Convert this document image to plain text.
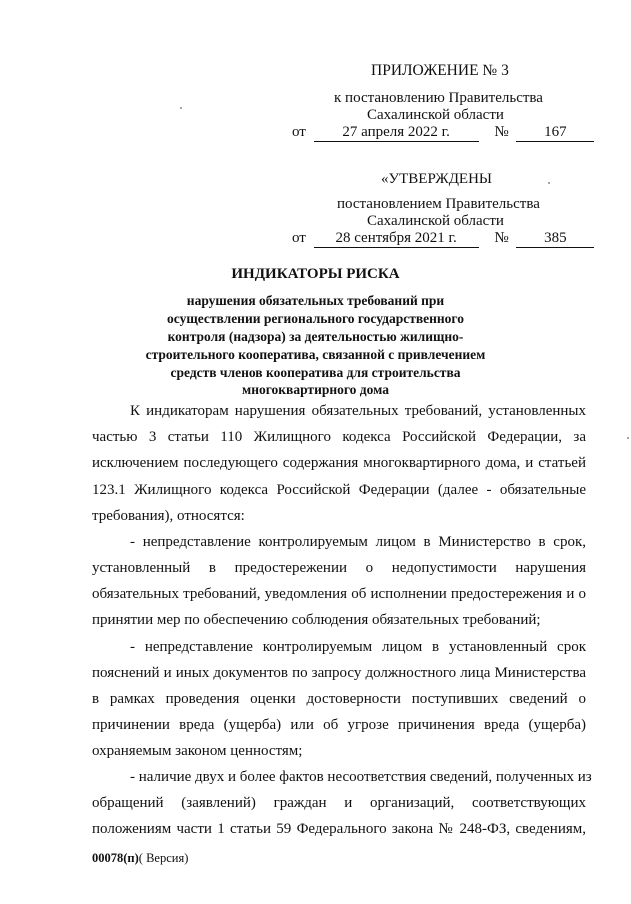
ПРИЛОЖЕНИЕ № 3
к постановлению Правительства
Сахалинской области
от 27 апреля 2022 г.	№ 167
«УТВЕРЖДЕНЫ
постановлением Правительства
Сахалинской области
от 28 сентября 2021 г.	№ 385
ИНДИКАТОРЫ РИСКА
нарушения обязательных требований при
осуществлении регионального государственного
контроля (надзора) за деятельностью жилищно-
строительного кооператива, связанной с привлечением
средств членов кооператива для строительства
многоквартирного дома
К индикаторам нарушения обязательных требований, установленных
частью 3 статьи 110 Жилищного кодекса Российской Федерации, за
исключением последующего содержания многоквартирного дома, и статьей
123.1 Жилищного кодекса Российской Федерации (далее - обязательные
требования), относятся:
- непредставление контролируемым лицом в Министерство в срок,
установленный в предостережении о недопустимости нарушения
обязательных требований, уведомления об исполнении предостережения и о
принятии мер по обеспечению соблюдения обязательных требований;
- непредставление контролируемым лицом в установленный срок
пояснений и иных документов по запросу должностного лица Министерства
в рамках проведения оценки достоверности поступивших сведений о
причинении вреда (ущерба) или об угрозе причинения вреда (ущерба)
охраняемым законом ценностям;
- наличие двух и более фактов несоответствия сведений, полученных из
обращений (заявлений) граждан и организаций, соответствующих
положениям части 1 статьи 59 Федерального закона № 248-ФЗ, сведениям,
00078(п)( Версия)
